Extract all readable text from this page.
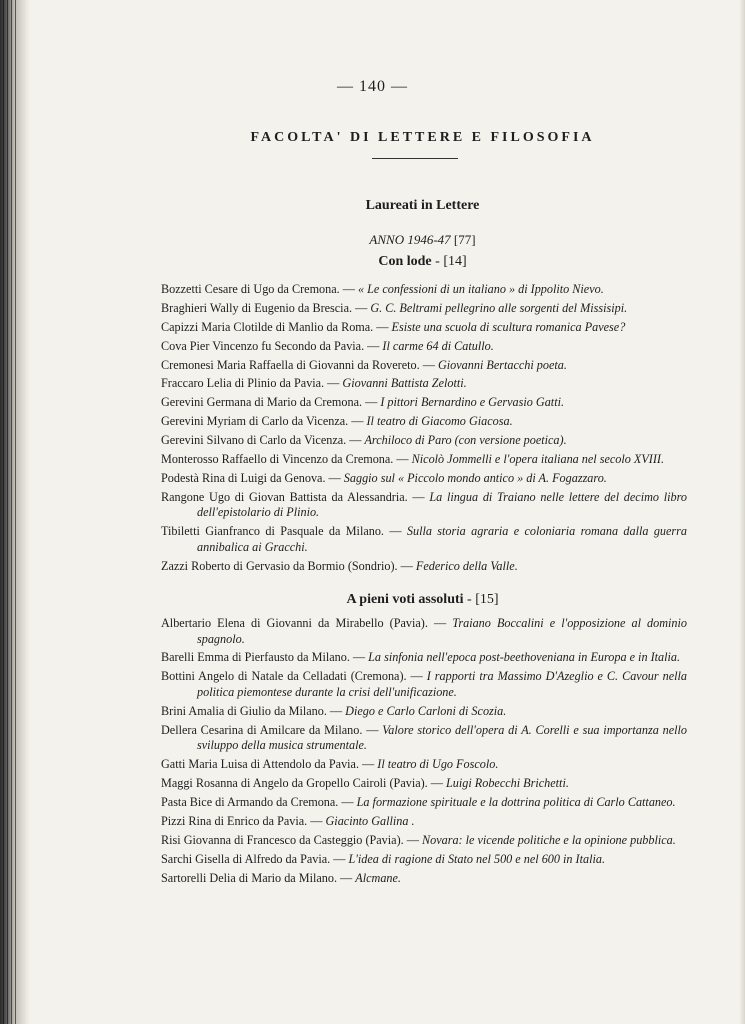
— 140 —
FACOLTA' DI LETTERE E FILOSOFIA
Laureati in Lettere
ANNO 1946-47 [77]
Con lode - [14]
Bozzetti Cesare di Ugo da Cremona. — « Le confessioni di un italiano » di Ippolito Nievo.
Braghieri Wally di Eugenio da Brescia. — G. C. Beltrami pellegrino alle sorgenti del Missisipi.
Capizzi Maria Clotilde di Manlio da Roma. — Esiste una scuola di scultura romanica Pavese?
Cova Pier Vincenzo fu Secondo da Pavia. — Il carme 64 di Catullo.
Cremonesi Maria Raffaella di Giovanni da Rovereto. — Giovanni Bertacchi poeta.
Fraccaro Lelia di Plinio da Pavia. — Giovanni Battista Zelotti.
Gerevini Germana di Mario da Cremona. — I pittori Bernardino e Gervasio Gatti.
Gerevini Myriam di Carlo da Vicenza. — Il teatro di Giacomo Giacosa.
Gerevini Silvano di Carlo da Vicenza. — Archiloco di Paro (con versione poetica).
Monterosso Raffaello di Vincenzo da Cremona. — Nicolò Jommelli e l'opera italiana nel secolo XVIII.
Podestà Rina di Luigi da Genova. — Saggio sul « Piccolo mondo antico » di A. Fogazzaro.
Rangone Ugo di Giovan Battista da Alessandria. — La lingua di Traiano nelle lettere del decimo libro dell'epistolario di Plinio.
Tibiletti Gianfranco di Pasquale da Milano. — Sulla storia agraria e coloniaria romana dalla guerra annibalica ai Gracchi.
Zazzi Roberto di Gervasio da Bormio (Sondrio). — Federico della Valle.
A pieni voti assoluti - [15]
Albertario Elena di Giovanni da Mirabello (Pavia). — Traiano Boccalini e l'opposizione al dominio spagnolo.
Barelli Emma di Pierfausto da Milano. — La sinfonia nell'epoca post-beethoveniana in Europa e in Italia.
Bottini Angelo di Natale da Celladati (Cremona). — I rapporti tra Massimo D'Azeglio e C. Cavour nella politica piemontese durante la crisi dell'unificazione.
Brini Amalia di Giulio da Milano. — Diego e Carlo Carloni di Scozia.
Dellera Cesarina di Amilcare da Milano. — Valore storico dell'opera di A. Corelli e sua importanza nello sviluppo della musica strumentale.
Gatti Maria Luisa di Attendolo da Pavia. — Il teatro di Ugo Foscolo.
Maggi Rosanna di Angelo da Gropello Cairoli (Pavia). — Luigi Robecchi Brichetti.
Pasta Bice di Armando da Cremona. — La formazione spirituale e la dottrina politica di Carlo Cattaneo.
Pizzi Rina di Enrico da Pavia. — Giacinto Gallina .
Risi Giovanna di Francesco da Casteggio (Pavia). — Novara: le vicende politiche e la opinione pubblica.
Sarchi Gisella di Alfredo da Pavia. — L'idea di ragione di Stato nel 500 e nel 600 in Italia.
Sartorelli Delia di Mario da Milano. — Alcmane.
